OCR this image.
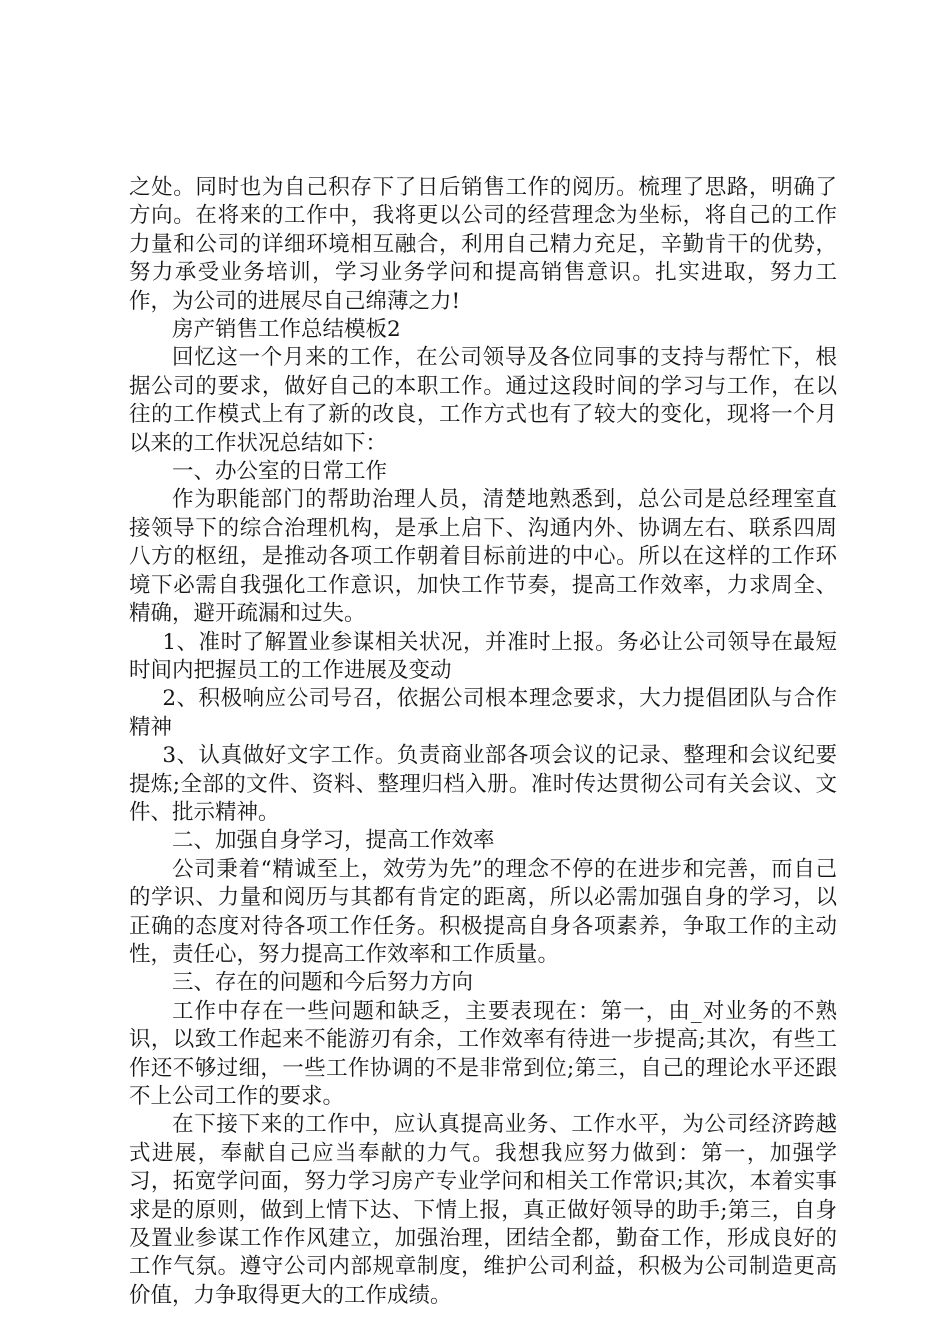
之处。同时也为自己积存下了日后销售工作的阅历。梳理了思路，明确了方向。在将来的工作中，我将更以公司的经营理念为坐标，将自己的工作力量和公司的详细环境相互融合，利用自己精力充足，辛勤肯干的优势，努力承受业务培训，学习业务学问和提高销售意识。扎实进取，努力工作，为公司的进展尽自己绵薄之力!

房产销售工作总结模板2

回忆这一个月来的工作，在公司领导及各位同事的支持与帮忙下，根据公司的要求，做好自己的本职工作。通过这段时间的学习与工作，在以往的工作模式上有了新的改良，工作方式也有了较大的变化，现将一个月以来的工作状况总结如下：

一、办公室的日常工作

作为职能部门的帮助治理人员，清楚地熟悉到，总公司是总经理室直接领导下的综合治理机构，是承上启下、沟通内外、协调左右、联系四周八方的枢纽，是推动各项工作朝着目标前进的中心。所以在这样的工作环境下必需自我强化工作意识，加快工作节奏，提高工作效率，力求周全、精确，避开疏漏和过失。

1、准时了解置业参谋相关状况，并准时上报。务必让公司领导在最短时间内把握员工的工作进展及变动

2、积极响应公司号召，依据公司根本理念要求，大力提倡团队与合作精神

3、认真做好文字工作。负责商业部各项会议的记录、整理和会议纪要提炼;全部的文件、资料、整理归档入册。准时传达贯彻公司有关会议、文件、批示精神。

二、加强自身学习，提高工作效率

公司秉着“精诚至上，效劳为先”的理念不停的在进步和完善，而自己的学识、力量和阅历与其都有肯定的距离，所以必需加强自身的学习，以正确的态度对待各项工作任务。积极提高自身各项素养，争取工作的主动性，责任心，努力提高工作效率和工作质量。

三、存在的问题和今后努力方向

工作中存在一些问题和缺乏，主要表现在：第一，由_对业务的不熟识，以致工作起来不能游刃有余，工作效率有待进一步提高;其次，有些工作还不够过细，一些工作协调的不是非常到位;第三，自己的理论水平还跟不上公司工作的要求。

在下接下来的工作中，应认真提高业务、工作水平，为公司经济跨越式进展，奉献自己应当奉献的力气。我想我应努力做到：第一，加强学习，拓宽学问面，努力学习房产专业学问和相关工作常识;其次，本着实事求是的原则，做到上情下达、下情上报，真正做好领导的助手;第三，自身及置业参谋工作作风建立，加强治理，团结全都，勤奋工作，形成良好的工作气氛。遵守公司内部规章制度，维护公司利益，积极为公司制造更高价值，力争取得更大的工作成绩。
